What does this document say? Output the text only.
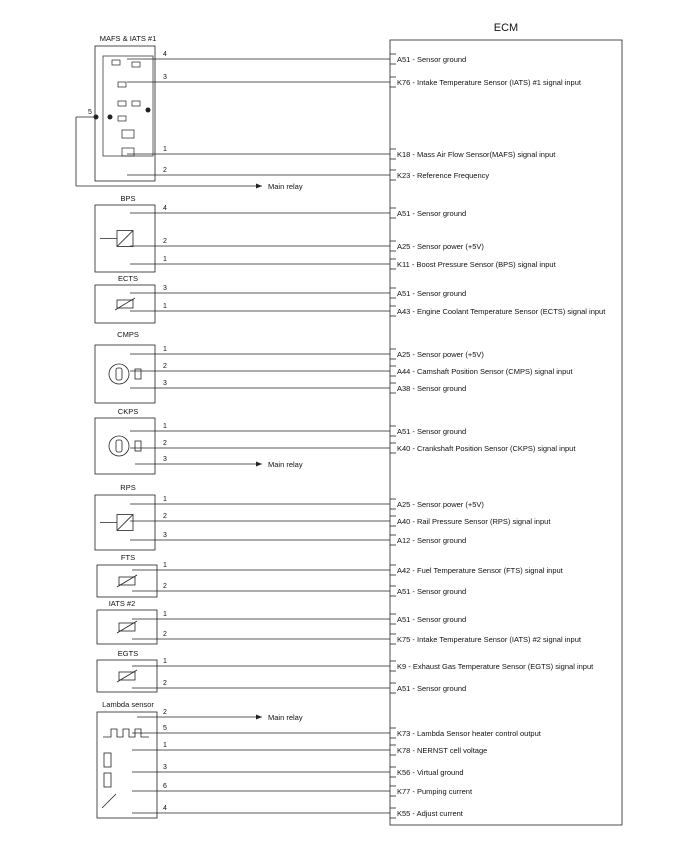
ECM
MAFS & IATS #1
4
A51 - Sensor ground
3
K76 - Intake Temperature Sensor (IATS) #1 signal input
1
K18 - Mass Air Flow Sensor(MAFS) signal input
2
K23 - Reference Frequency
5
Main relay
BPS
4
A51 - Sensor ground
2
A25 - Sensor power (+5V)
1
K11 - Boost Pressure Sensor (BPS) signal input
ECTS
3
A51 - Sensor ground
1
A43 - Engine Coolant Temperature Sensor (ECTS) signal input
CMPS
1
A25 - Sensor power (+5V)
2
A44 - Camshaft Position Sensor (CMPS) signal input
3
A38 - Sensor ground
CKPS
1
A51 - Sensor ground
2
K40 - Crankshaft Position Sensor (CKPS) signal input
3
Main relay
RPS
1
A25 - Sensor power (+5V)
2
A40 - Rail Pressure Sensor (RPS) signal input
3
A12 - Sensor ground
FTS
1
A42 - Fuel Temperature Sensor (FTS) signal input
2
A51 - Sensor ground
IATS #2
1
A51 - Sensor ground
2
K75 - Intake Temperature Sensor (IATS) #2 signal input
EGTS
1
K9 - Exhaust Gas Temperature Sensor (EGTS) signal input
2
A51 - Sensor ground
Lambda sensor
2
Main relay
5
K73 - Lambda Sensor heater control output
1
K78 - NERNST cell voltage
3
K56 - Virtual ground
6
K77 - Pumping current
4
K55 - Adjust current
